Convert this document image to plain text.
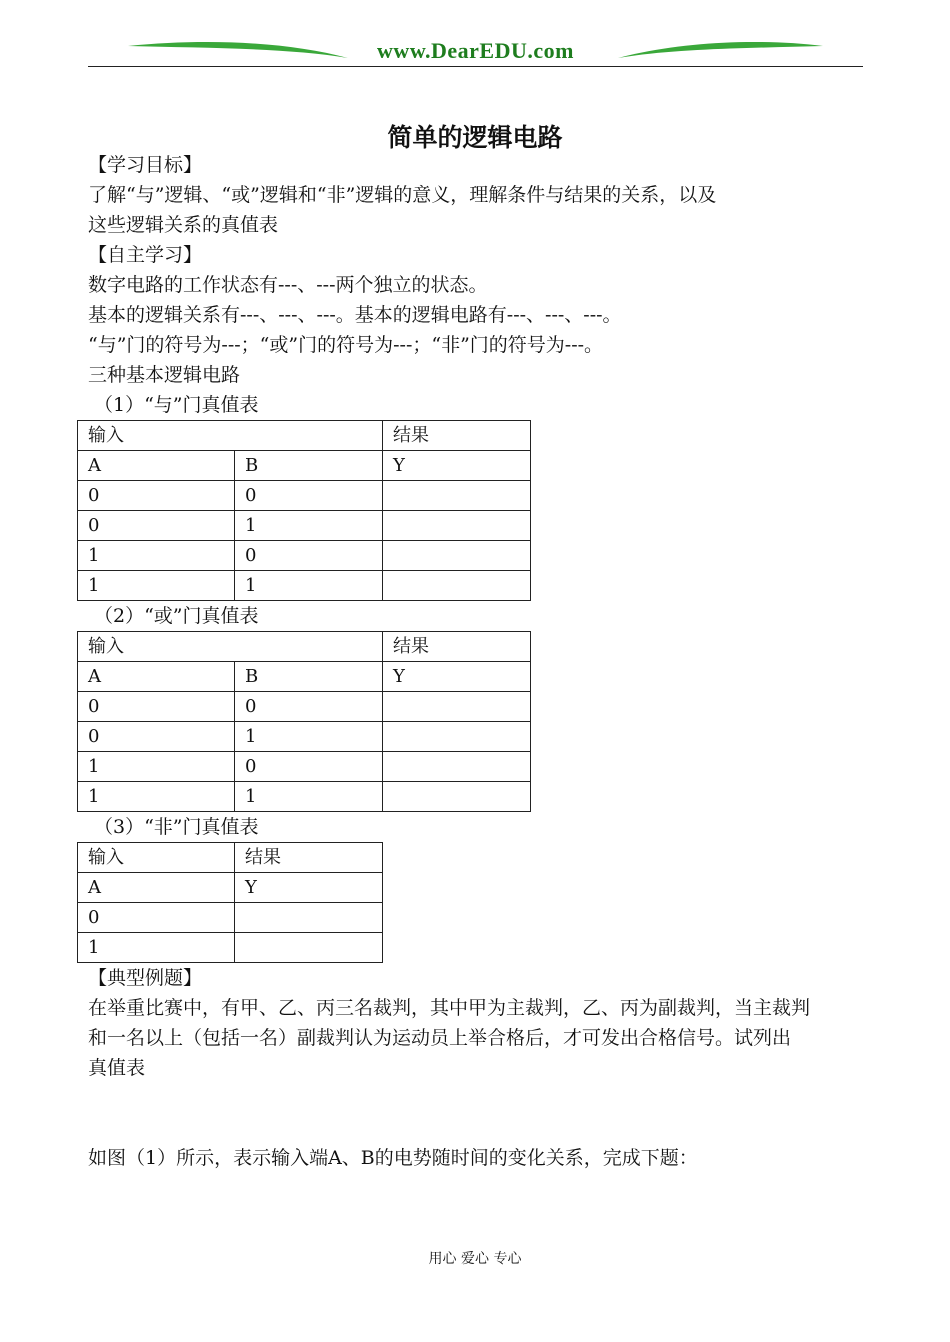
www.DearEDU.com
简单的逻辑电路

【学习目标】

了解“与”逻辑、“或”逻辑和“非”逻辑的意义，理解条件与结果的关系，以及

这些逻辑关系的真值表

【自主学习】

数字电路的工作状态有---、---两个独立的状态。

基本的逻辑关系有---、---、---。基本的逻辑电路有---、---、---。

“与”门的符号为---；“或”门的符号为---；“非”门的符号为---。

三种基本逻辑电路

（1）“与”门真值表

输入		结果
A	B	Y
0	0	
0	1	
1	0	
1	1	

（2）“或”门真值表

输入		结果
A	B	Y
0	0	
0	1	
1	0	
1	1	

（3）“非”门真值表

输入	结果
A	Y
0	
1	

【典型例题】

在举重比赛中，有甲、乙、丙三名裁判，其中甲为主裁判，乙、丙为副裁判，当主裁判

和一名以上（包括一名）副裁判认为运动员上举合格后，才可发出合格信号。试列出

真值表

如图（1）所示，表示输入端A、B的电势随时间的变化关系，完成下题：

用心 爱心 专心
